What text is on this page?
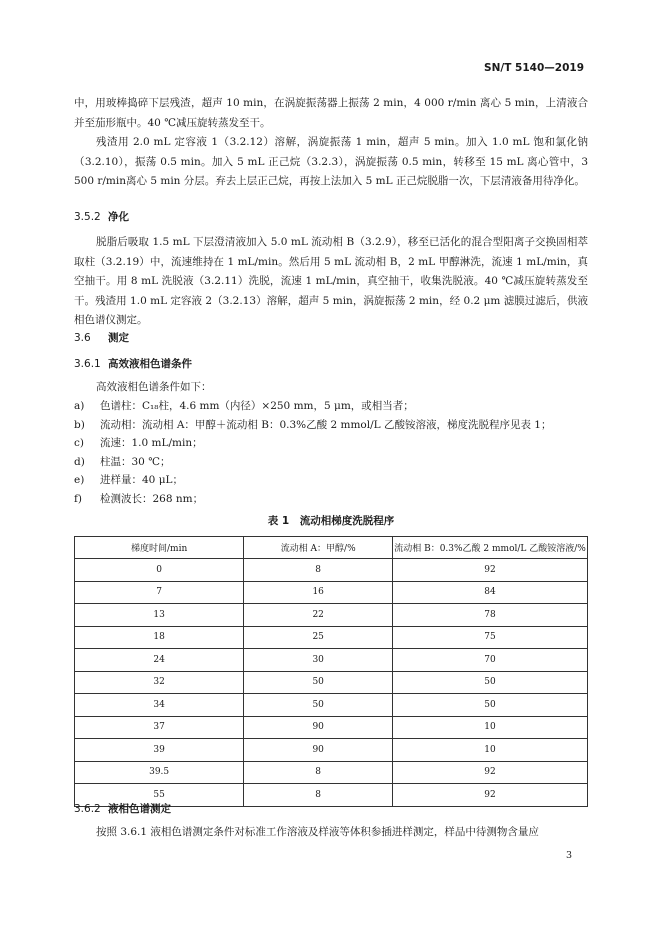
SN/T 5140—2019

中，用玻棒捣碎下层残渣，超声 10 min，在涡旋振荡器上振荡 2 min，4 000 r/min 离心 5 min，上清液合并至茄形瓶中。40 ℃减压旋转蒸发至干。

残渣用 2.0 mL 定容液 1（3.2.12）溶解，涡旋振荡 1 min，超声 5 min。加入 1.0 mL 饱和氯化钠（3.2.10），振荡 0.5 min。加入 5 mL 正己烷（3.2.3），涡旋振荡 0.5 min，转移至 15 mL 离心管中，3 500 r/min离心 5 min 分层。弃去上层正己烷，再按上法加入 5 mL 正己烷脱脂一次，下层清液备用待净化。

3.5.2 净化

脱脂后吸取 1.5 mL 下层澄清液加入 5.0 mL 流动相 B（3.2.9），移至已活化的混合型阳离子交换固相萃取柱（3.2.19）中，流速维持在 1 mL/min。然后用 5 mL 流动相 B，2 mL 甲醇淋洗，流速 1 mL/min，真空抽干。用 8 mL 洗脱液（3.2.11）洗脱，流速 1 mL/min，真空抽干，收集洗脱液。40 ℃减压旋转蒸发至干。残渣用 1.0 mL 定容液 2（3.2.13）溶解，超声 5 min，涡旋振荡 2 min，经 0.2 μm 滤膜过滤后，供液相色谱仪测定。

3.6 测定
3.6.1 高效液相色谱条件

高效液相色谱条件如下：

a) 色谱柱：C₁₈柱，4.6 mm（内径）×250 mm，5 μm，或相当者；
b) 流动相：流动相 A：甲醇＋流动相 B：0.3%乙酸 2 mmol/L 乙酸铵溶液，梯度洗脱程序见表 1；
c) 流速：1.0 mL/min；
d) 柱温：30 ℃；
e) 进样量：40 μL；
f) 检测波长：268 nm；
表 1　流动相梯度洗脱程序
梯度时间/min	流动相 A：甲醇/%	流动相 B：0.3%乙酸 2 mmol/L 乙酸铵溶液/%
0	8	92
7	16	84
13	22	78
18	25	75
24	30	70
32	50	50
34	50	50
37	90	10
39	90	10
39.5	8	92
55	8	92
3.6.2 液相色谱测定

按照 3.6.1 液相色谱测定条件对标准工作溶液及样液等体积参插进样测定，样品中待测物含量应

3
